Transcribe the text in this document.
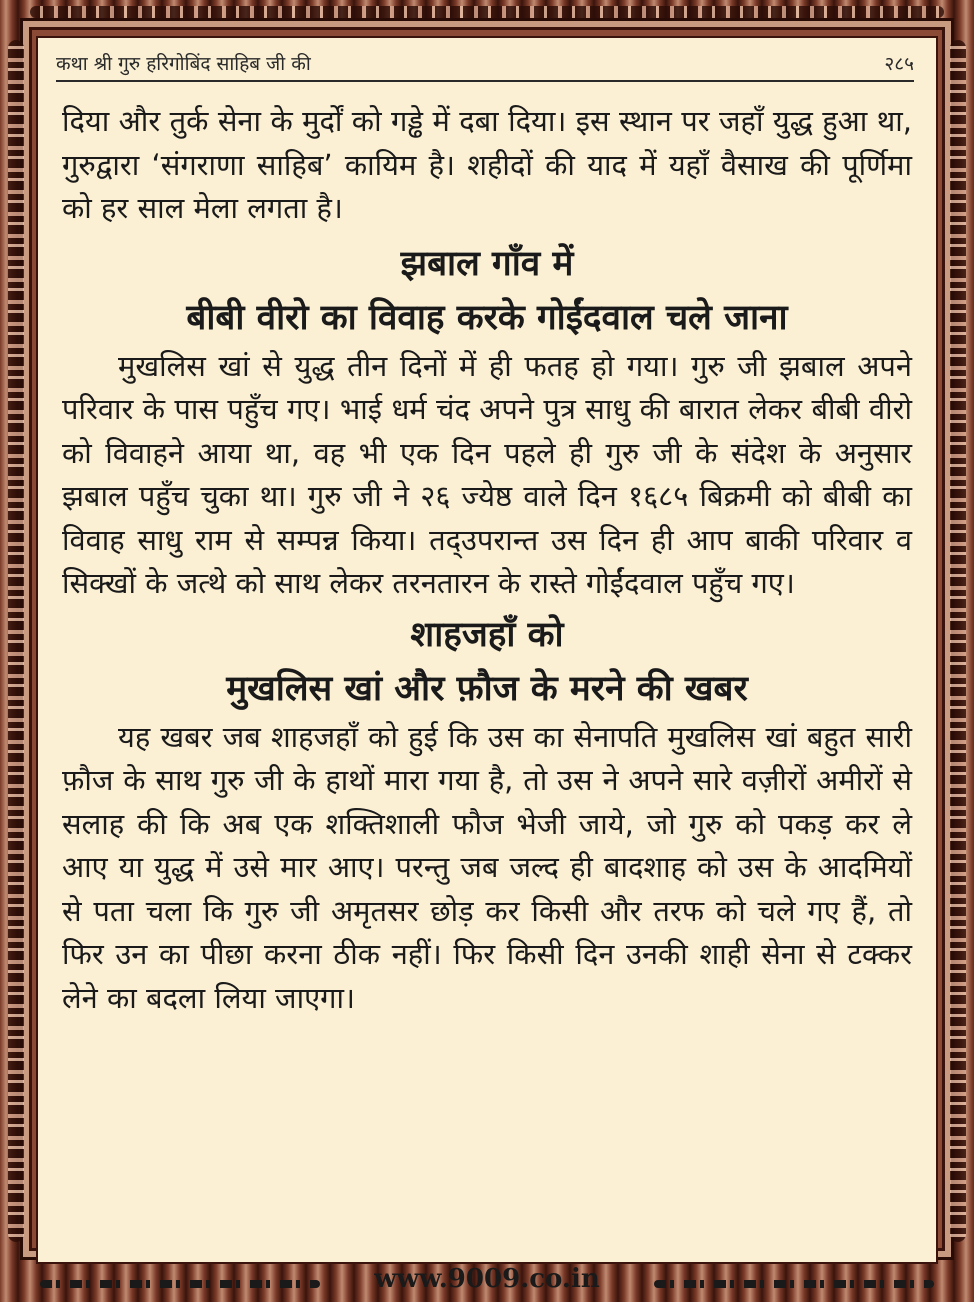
कथा श्री गुरु हरिगोबिंद साहिब जी की	२८५

दिया और तुर्क सेना के मुर्दों को गड्ढे में दबा दिया। इस स्थान पर जहाँ युद्ध हुआ था, गुरुद्वारा ‘संगराणा साहिब’ कायिम है। शहीदों की याद में यहाँ वैसाख की पूर्णिमा को हर साल मेला लगता है।

झबाल गाँव में

बीबी वीरो का विवाह करके गोईंदवाल चले जाना

मुखलिस खां से युद्ध तीन दिनों में ही फतह हो गया। गुरु जी झबाल अपने परिवार के पास पहुँच गए। भाई धर्म चंद अपने पुत्र साधु की बारात लेकर बीबी वीरो को विवाहने आया था, वह भी एक दिन पहले ही गुरु जी के संदेश के अनुसार झबाल पहुँच चुका था। गुरु जी ने २६ ज्येष्ठ वाले दिन १६८५ बिक्रमी को बीबी का विवाह साधु राम से सम्पन्न किया। तद्उपरान्त उस दिन ही आप बाकी परिवार व सिक्खों के जत्थे को साथ लेकर तरनतारन के रास्ते गोईंदवाल पहुँच गए।

शाहजहाँ को

मुखलिस खां और फ़ौज के मरने की खबर

यह खबर जब शाहजहाँ को हुई कि उस का सेनापति मुखलिस खां बहुत सारी फ़ौज के साथ गुरु जी के हाथों मारा गया है, तो उस ने अपने सारे वज़ीरों अमीरों से सलाह की कि अब एक शक्तिशाली फौज भेजी जाये, जो गुरु को पकड़ कर ले आए या युद्ध में उसे मार आए। परन्तु जब जल्द ही बादशाह को उस के आदमियों से पता चला कि गुरु जी अमृतसर छोड़ कर किसी और तरफ को चले गए हैं, तो फिर उन का पीछा करना ठीक नहीं। फिर किसी दिन उनकी शाही सेना से टक्कर लेने का बदला लिया जाएगा।

www.9009.co.in
